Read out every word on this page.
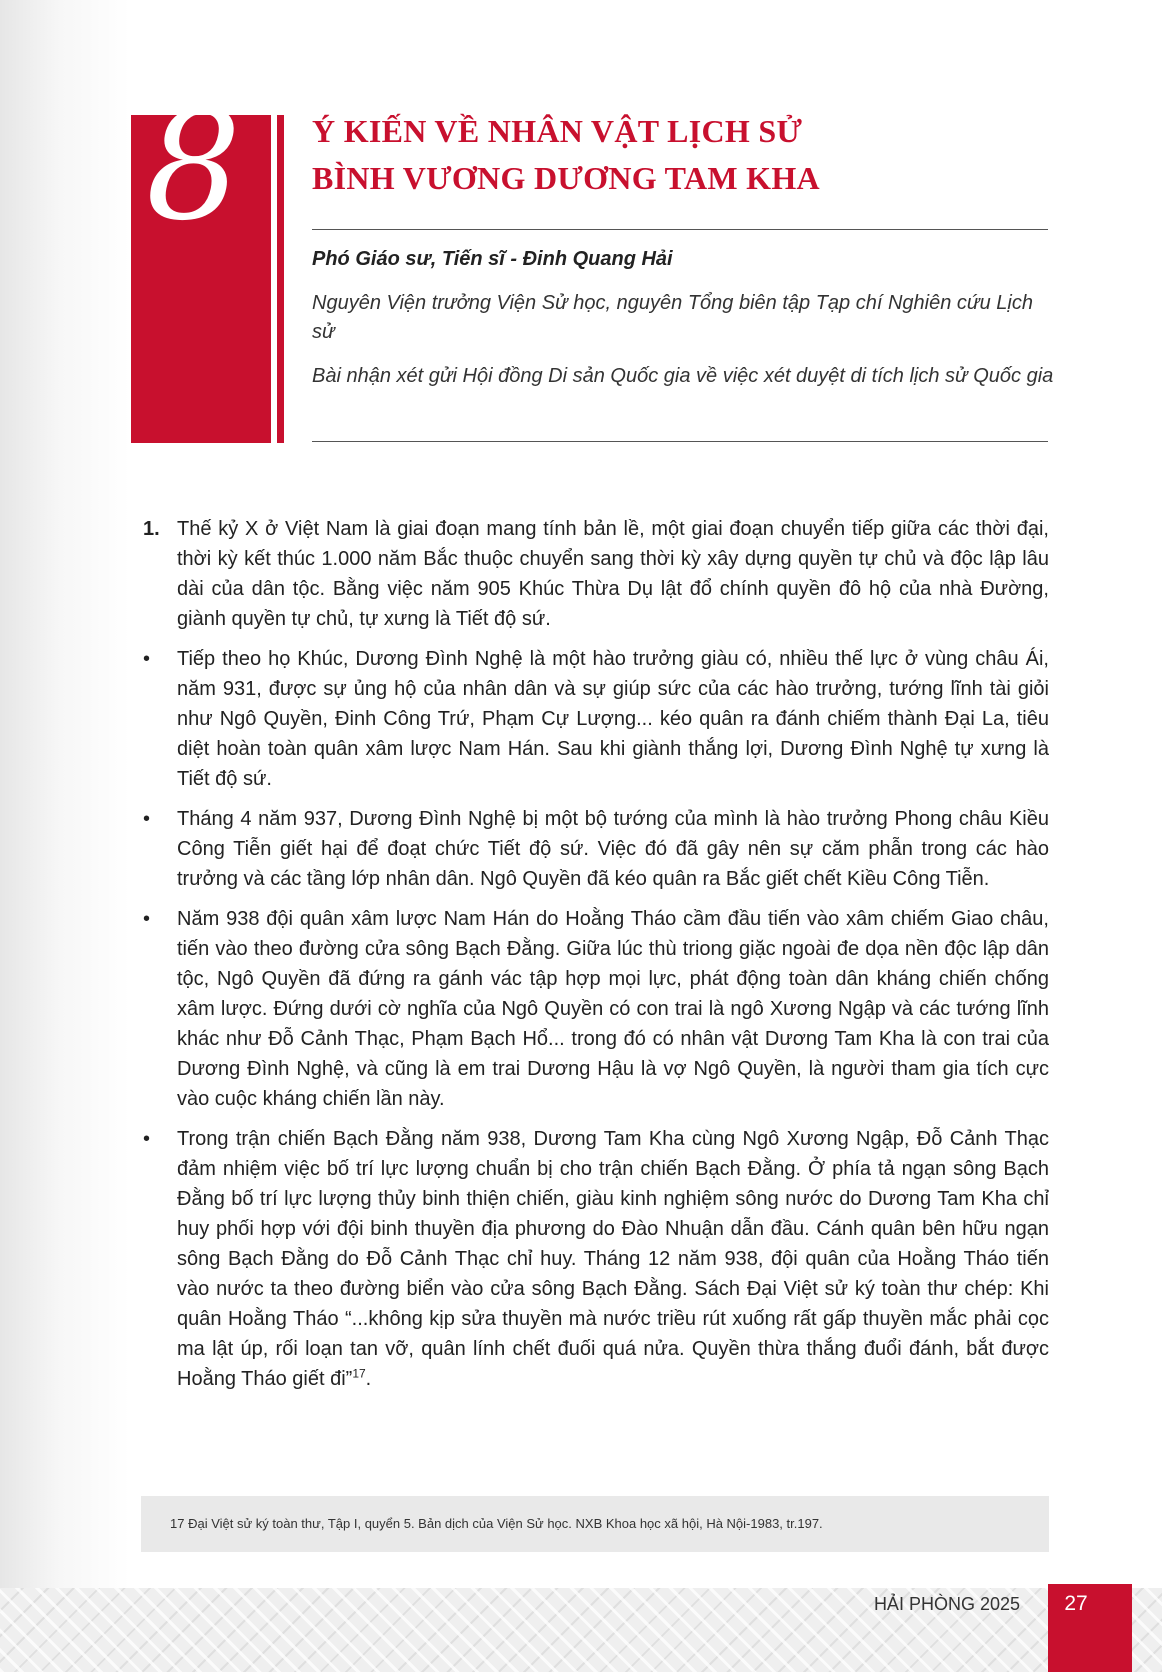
8	Ý KIẾN VỀ NHÂN VẬT LỊCH SỬ
BÌNH VƯƠNG DƯƠNG TAM KHA

Phó Giáo sư, Tiến sĩ - Đinh Quang Hải

Nguyên Viện trưởng Viện Sử học, nguyên Tổng biên tập Tạp chí Nghiên cứu Lịch sử

Bài nhận xét gửi Hội đồng Di sản Quốc gia về việc xét duyệt di tích lịch sử Quốc gia

1. Thế kỷ X ở Việt Nam là giai đoạn mang tính bản lề, một giai đoạn chuyển tiếp giữa các thời đại, thời kỳ kết thúc 1.000 năm Bắc thuộc chuyển sang thời kỳ xây dựng quyền tự chủ và độc lập lâu dài của dân tộc. Bằng việc năm 905 Khúc Thừa Dụ lật đổ chính quyền đô hộ của nhà Đường, giành quyền tự chủ, tự xưng là Tiết độ sứ.

• Tiếp theo họ Khúc, Dương Đình Nghệ là một hào trưởng giàu có, nhiều thế lực ở vùng châu Ái, năm 931, được sự ủng hộ của nhân dân và sự giúp sức của các hào trưởng, tướng lĩnh tài giỏi như Ngô Quyền, Đinh Công Trứ, Phạm Cự Lượng... kéo quân ra đánh chiếm thành Đại La, tiêu diệt hoàn toàn quân xâm lược Nam Hán. Sau khi giành thắng lợi, Dương Đình Nghệ tự xưng là Tiết độ sứ.

• Tháng 4 năm 937, Dương Đình Nghệ bị một bộ tướng của mình là hào trưởng Phong châu Kiều Công Tiễn giết hại để đoạt chức Tiết độ sứ. Việc đó đã gây nên sự căm phẫn trong các hào trưởng và các tầng lớp nhân dân. Ngô Quyền đã kéo quân ra Bắc giết chết Kiều Công Tiễn.

• Năm 938 đội quân xâm lược Nam Hán do Hoằng Tháo cầm đầu tiến vào xâm chiếm Giao châu, tiến vào theo đường cửa sông Bạch Đằng. Giữa lúc thù triong giặc ngoài đe dọa nền độc lập dân tộc, Ngô Quyền đã đứng ra gánh vác tập hợp mọi lực, phát động toàn dân kháng chiến chống xâm lược. Đứng dưới cờ nghĩa của Ngô Quyền có con trai là ngô Xương Ngập và các tướng lĩnh khác như Đỗ Cảnh Thạc, Phạm Bạch Hổ... trong đó có nhân vật Dương Tam Kha là con trai của Dương Đình Nghệ, và cũng là em trai Dương Hậu là vợ Ngô Quyền, là người tham gia tích cực vào cuộc kháng chiến lần này.

• Trong trận chiến Bạch Đằng năm 938, Dương Tam Kha cùng Ngô Xương Ngập, Đỗ Cảnh Thạc đảm nhiệm việc bố trí lực lượng chuẩn bị cho trận chiến Bạch Đằng. Ở phía tả ngạn sông Bạch Đằng bố trí lực lượng thủy binh thiện chiến, giàu kinh nghiệm sông nước do Dương Tam Kha chỉ huy phối hợp với đội binh thuyền địa phương do Đào Nhuận dẫn đầu. Cánh quân bên hữu ngạn sông Bạch Đằng do Đỗ Cảnh Thạc chỉ huy. Tháng 12 năm 938, đội quân của Hoằng Tháo tiến vào nước ta theo đường biển vào cửa sông Bạch Đằng. Sách Đại Việt sử ký toàn thư chép: Khi quân Hoằng Tháo “...không kịp sửa thuyền mà nước triều rút xuống rất gấp thuyền mắc phải cọc ma lật úp, rối loạn tan vỡ, quân lính chết đuối quá nửa. Quyền thừa thắng đuổi đánh, bắt được Hoằng Tháo giết đi”$^{17}$.

17 Đại Việt sử ký toàn thư, Tập I, quyển 5. Bản dịch của Viện Sử học. NXB Khoa học xã hội, Hà Nội-1983, tr.197.

HẢI PHÒNG 2025	27
